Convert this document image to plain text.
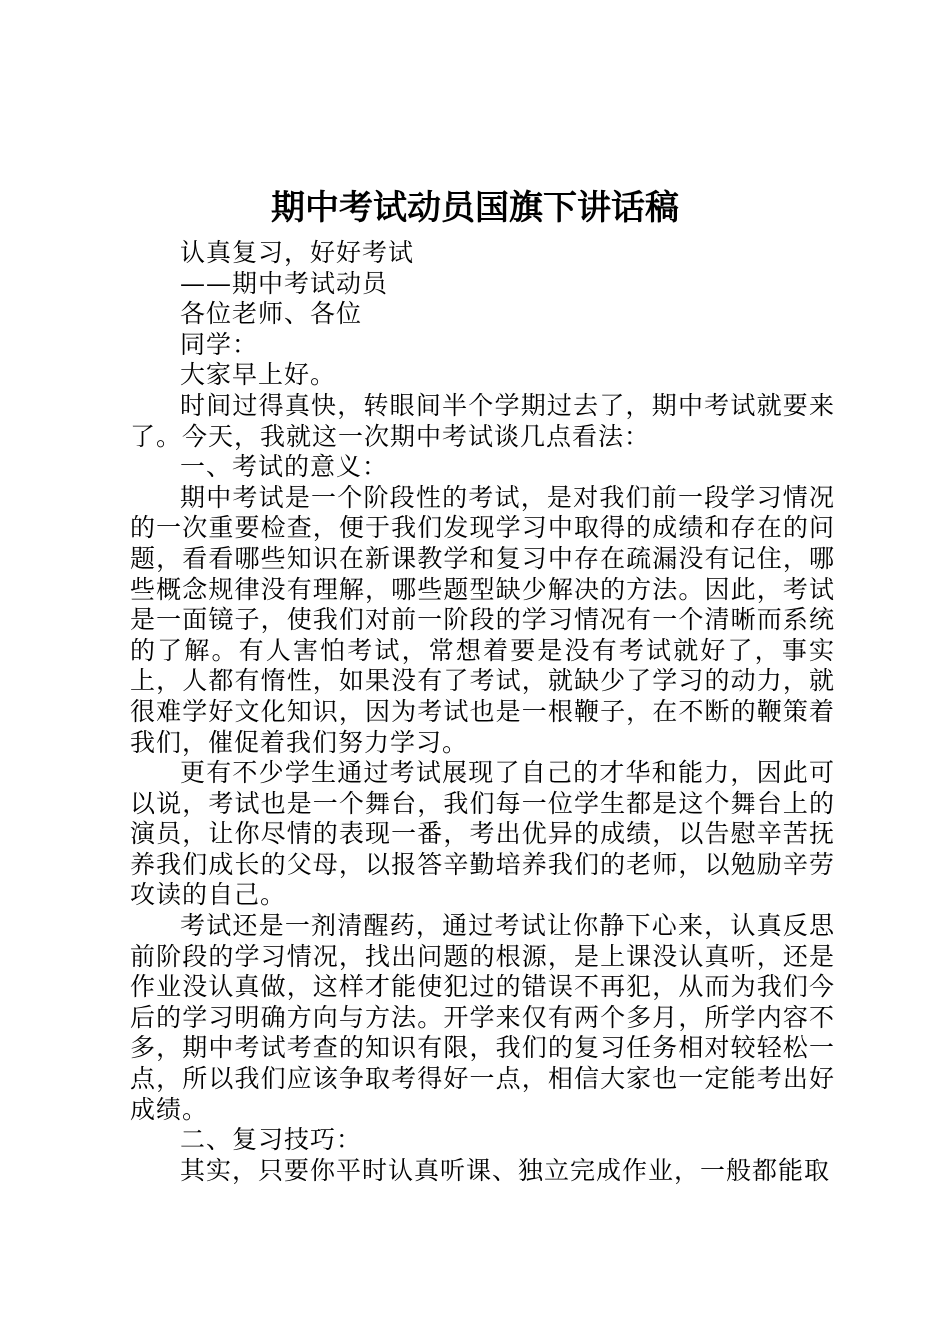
期中考试动员国旗下讲话稿

认真复习，好好考试

——期中考试动员

各位老师、各位

同学：

大家早上好。

时间过得真快，转眼间半个学期过去了，期中考试就要来了。今天，我就这一次期中考试谈几点看法：

一、考试的意义：

期中考试是一个阶段性的考试，是对我们前一段学习情况的一次重要检查，便于我们发现学习中取得的成绩和存在的问题，看看哪些知识在新课教学和复习中存在疏漏没有记住，哪些概念规律没有理解，哪些题型缺少解决的方法。因此，考试是一面镜子，使我们对前一阶段的学习情况有一个清晰而系统的了解。有人害怕考试，常想着要是没有考试就好了，事实上，人都有惰性，如果没有了考试，就缺少了学习的动力，就很难学好文化知识，因为考试也是一根鞭子，在不断的鞭策着我们，催促着我们努力学习。

更有不少学生通过考试展现了自己的才华和能力，因此可以说，考试也是一个舞台，我们每一位学生都是这个舞台上的演员，让你尽情的表现一番，考出优异的成绩，以告慰辛苦抚养我们成长的父母，以报答辛勤培养我们的老师，以勉励辛劳攻读的自己。

考试还是一剂清醒药，通过考试让你静下心来，认真反思前阶段的学习情况，找出问题的根源，是上课没认真听，还是作业没认真做，这样才能使犯过的错误不再犯，从而为我们今后的学习明确方向与方法。开学来仅有两个多月，所学内容不多，期中考试考查的知识有限，我们的复习任务相对较轻松一点，所以我们应该争取考得好一点，相信大家也一定能考出好成绩。

二、复习技巧：

其实，只要你平时认真听课、独立完成作业，一般都能取
